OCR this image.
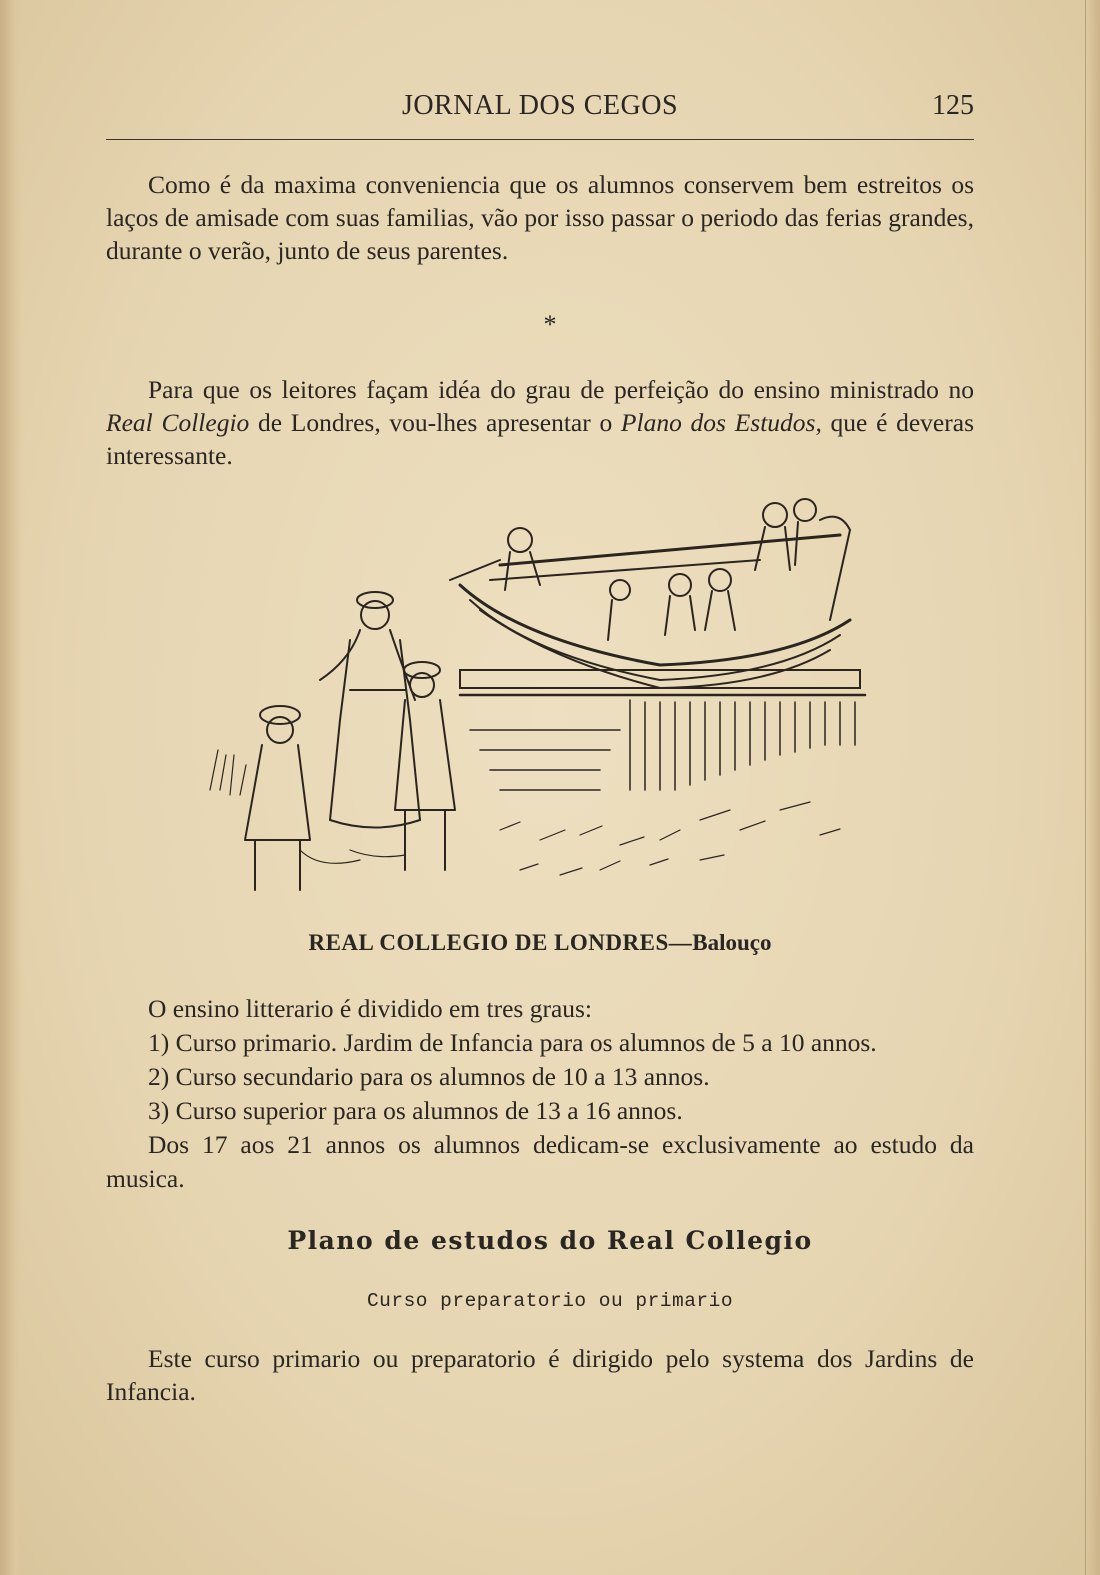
JORNAL DOS CEGOS	125
Como é da maxima conveniencia que os alumnos conservem bem estreitos os laços de amisade com suas familias, vão por isso passar o periodo das ferias grandes, durante o verão, junto de seus parentes.
*
Para que os leitores façam idéa do grau de perfeição do ensino ministrado no Real Collegio de Londres, vou-lhes apresentar o Plano dos Estudos, que é deveras interessante.
REAL COLLEGIO DE LONDRES—Balouço
O ensino litterario é dividido em tres graus:
1) Curso primario. Jardim de Infancia para os alumnos de 5 a 10 annos.
2) Curso secundario para os alumnos de 10 a 13 annos.
3) Curso superior para os alumnos de 13 a 16 annos.
Dos 17 aos 21 annos os alumnos dedicam-se exclusivamente ao estudo da musica.
Plano de estudos do Real Collegio
Curso preparatorio ou primario
Este curso primario ou preparatorio é dirigido pelo systema dos Jardins de Infancia.
